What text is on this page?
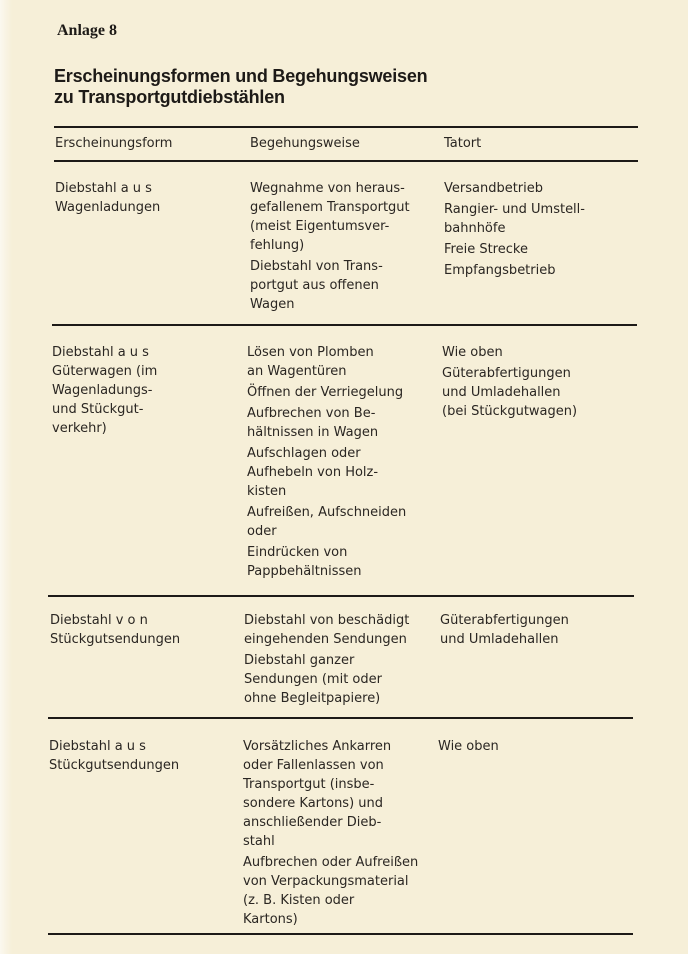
Anlage 8
Erscheinungsformen und Begehungsweisen
zu Transportgutdiebstählen
Erscheinungsform	Begehungsweise	Tatort
Diebstahl a u s
Wagenladungen
Wegnahme von heraus-
gefallenem Transportgut
(meist Eigentumsver-
fehlung)
Diebstahl von Trans-
portgut aus offenen
Wagen
Versandbetrieb
Rangier- und Umstell-
bahnhöfe
Freie Strecke
Empfangsbetrieb
Diebstahl a u s
Güterwagen (im
Wagenladungs-
und Stückgut-
verkehr)
Lösen von Plomben
an Wagentüren
Öffnen der Verriegelung
Aufbrechen von Be-
hältnissen in Wagen
Aufschlagen oder
Aufhebeln von Holz-
kisten
Aufreißen, Aufschneiden
oder
Eindrücken von
Pappbehältnissen
Wie oben
Güterabfertigungen
und Umladehallen
(bei Stückgutwagen)
Diebstahl v o n
Stückgutsendungen
Diebstahl von beschädigt
eingehenden Sendungen
Diebstahl ganzer
Sendungen (mit oder
ohne Begleitpapiere)
Güterabfertigungen
und Umladehallen
Diebstahl a u s
Stückgutsendungen
Vorsätzliches Ankarren
oder Fallenlassen von
Transportgut (insbe-
sondere Kartons) und
anschließender Dieb-
stahl
Aufbrechen oder Aufreißen
von Verpackungsmaterial
(z. B. Kisten oder
Kartons)
Wie oben
